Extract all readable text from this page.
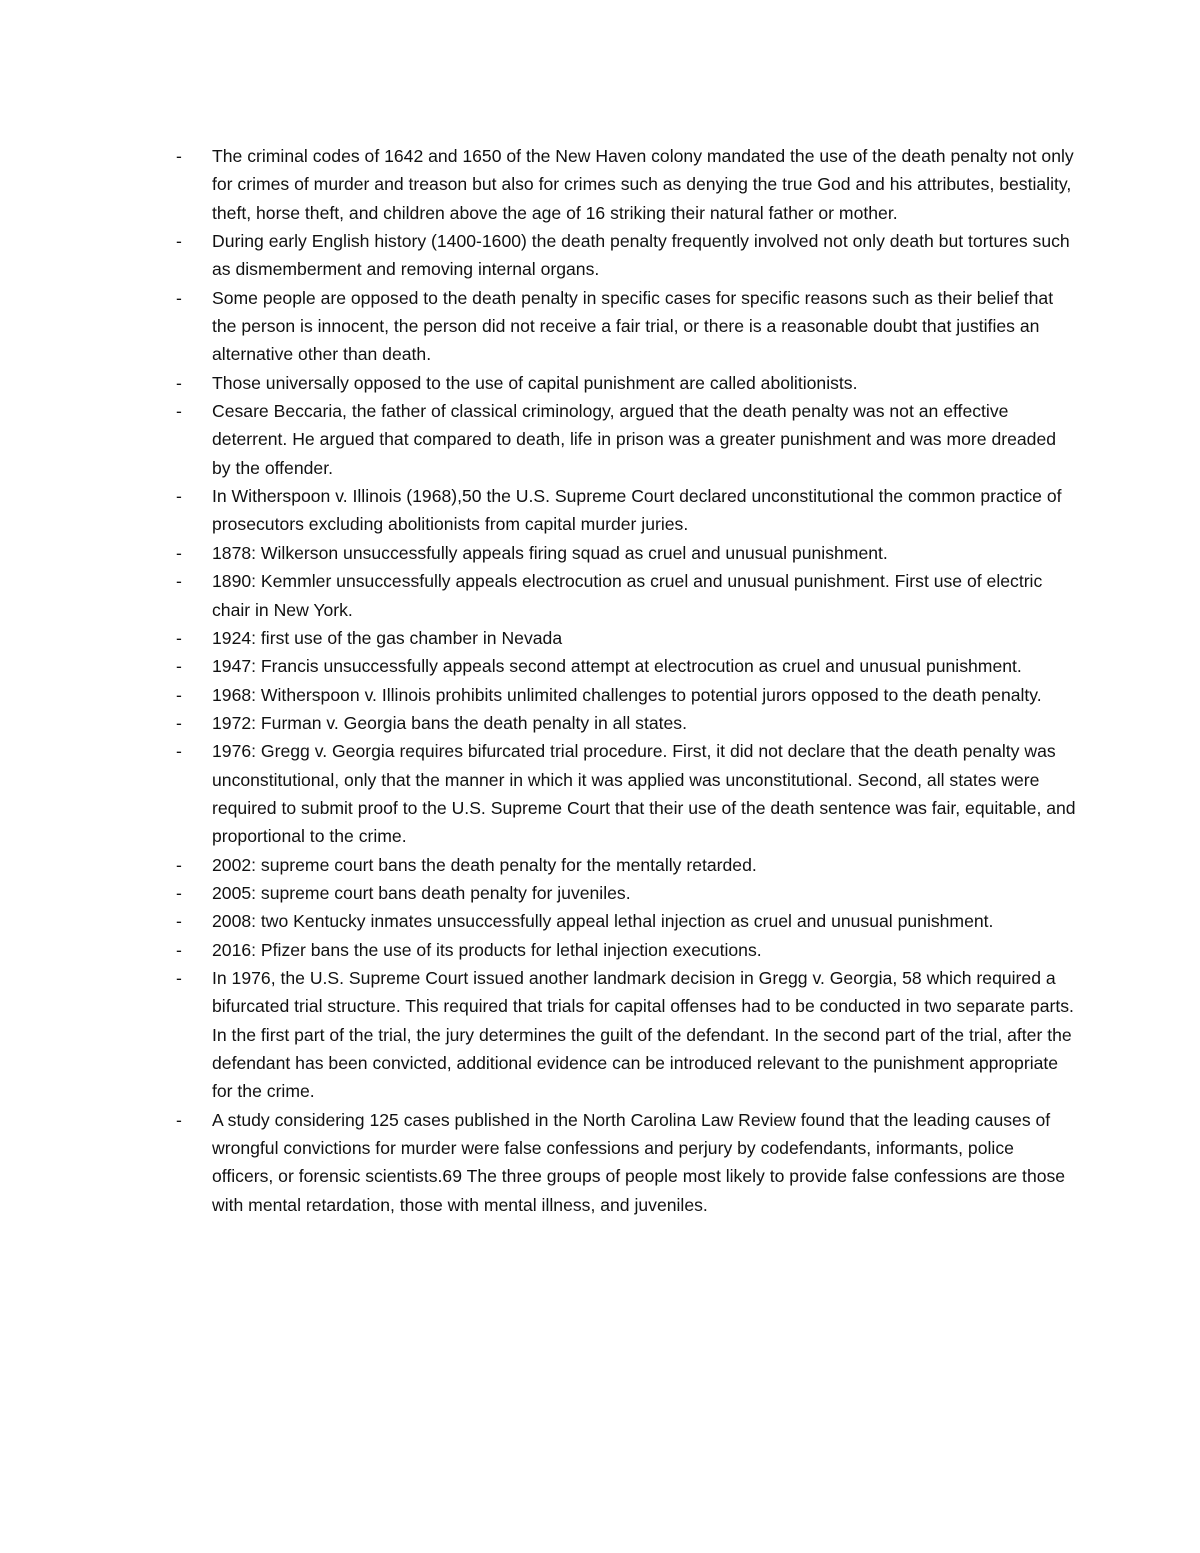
-	The criminal codes of 1642 and 1650 of the New Haven colony mandated the use of the death penalty not only for crimes of murder and treason but also for crimes such as denying the true God and his attributes, bestiality, theft, horse theft, and children above the age of 16 striking their natural father or mother.
-	During early English history (1400-1600) the death penalty frequently involved not only death but tortures such as dismemberment and removing internal organs.
-	Some people are opposed to the death penalty in specific cases for specific reasons such as their belief that the person is innocent, the person did not receive a fair trial, or there is a reasonable doubt that justifies an alternative other than death.
-	Those universally opposed to the use of capital punishment are called abolitionists.
-	Cesare Beccaria, the father of classical criminology, argued that the death penalty was not an effective deterrent. He argued that compared to death, life in prison was a greater punishment and was more dreaded by the offender.
-	In Witherspoon v. Illinois (1968),50 the U.S. Supreme Court declared unconstitutional the common practice of prosecutors excluding abolitionists from capital murder juries.
-	1878: Wilkerson unsuccessfully appeals firing squad as cruel and unusual punishment.
-	1890: Kemmler unsuccessfully appeals electrocution as cruel and unusual punishment. First use of electric chair in New York.
-	1924: first use of the gas chamber in Nevada
-	1947: Francis unsuccessfully appeals second attempt at electrocution as cruel and unusual punishment.
-	1968: Witherspoon v. Illinois prohibits unlimited challenges to potential jurors opposed to the death penalty.
-	1972: Furman v. Georgia bans the death penalty in all states.
-	1976: Gregg v. Georgia requires bifurcated trial procedure. First, it did not declare that the death penalty was unconstitutional, only that the manner in which it was applied was unconstitutional. Second, all states were required to submit proof to the U.S. Supreme Court that their use of the death sentence was fair, equitable, and proportional to the crime.
-	2002: supreme court bans the death penalty for the mentally retarded.
-	2005: supreme court bans death penalty for juveniles.
-	2008: two Kentucky inmates unsuccessfully appeal lethal injection as cruel and unusual punishment.
-	2016: Pfizer bans the use of its products for lethal injection executions.
-	In 1976, the U.S. Supreme Court issued another landmark decision in Gregg v. Georgia, 58 which required a bifurcated trial structure. This required that trials for capital offenses had to be conducted in two separate parts. In the first part of the trial, the jury determines the guilt of the defendant. In the second part of the trial, after the defendant has been convicted, additional evidence can be introduced relevant to the punishment appropriate for the crime.
-	A study considering 125 cases published in the North Carolina Law Review found that the leading causes of wrongful convictions for murder were false confessions and perjury by codefendants, informants, police officers, or forensic scientists.69 The three groups of people most likely to provide false confessions are those with mental retardation, those with mental illness, and juveniles.
